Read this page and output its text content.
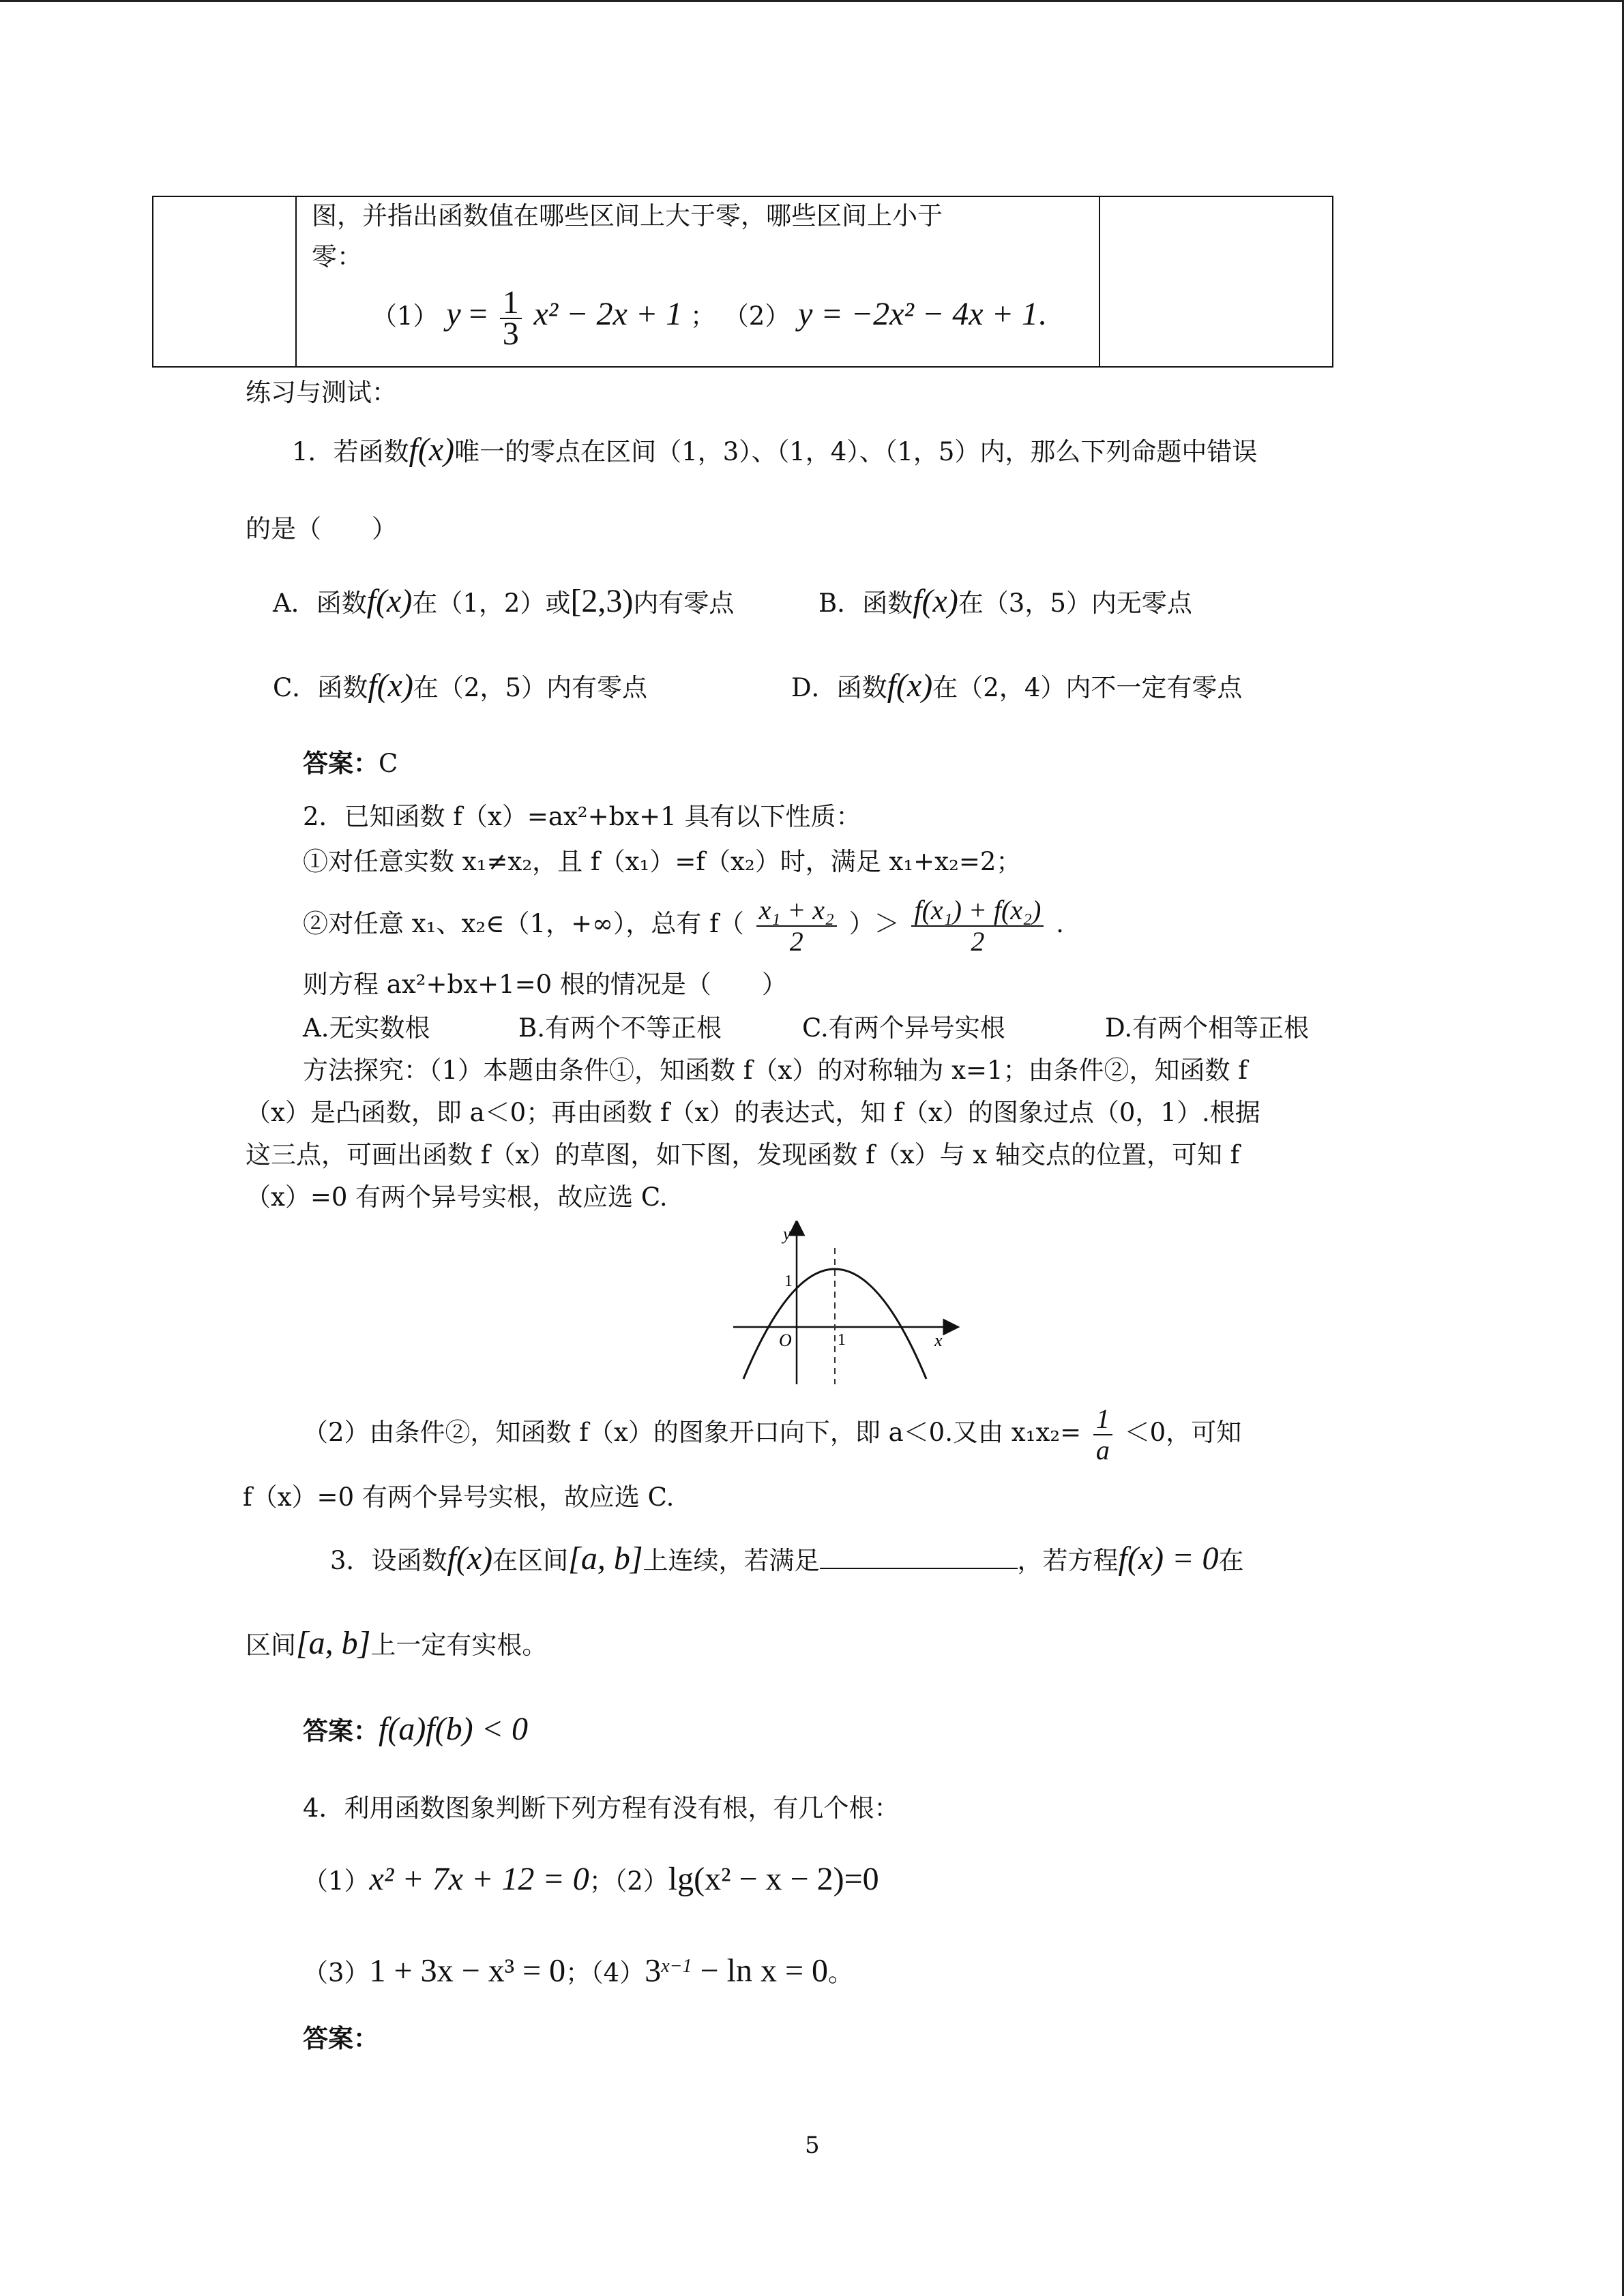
图，并指出函数值在哪些区间上大于零，哪些区间上小于
零：
（1） $y = \frac{1}{3} x^2 - 2x + 1$ ； （2） y = −2x² − 4x + 1.

练习与测试：
1．若函数f(x)唯一的零点在区间（1，3）、（1，4）、（1，5）内，那么下列命题中错误
的是（　　）
A．函数f(x)在（1，2）或[2,3)内有零点	B．函数f(x)在（3，5）内无零点
C．函数f(x)在（2，5）内有零点	D．函数f(x)在（2，4）内不一定有零点
答案：C
2．已知函数 f（x）=ax²+bx+1 具有以下性质：
①对任意实数 x₁≠x₂，且 f（x₁）=f（x₂）时，满足 x₁+x₂=2；
②对任意 x₁、x₂∈（1，+∞），总有 $f( \frac{\text{x₁ + x₂}}{2}$ ）＞ $\frac{\text{f(x₁) + f(x₂)}}{2}$ .
则方程 ax²+bx+1=0 根的情况是（　　）
A.无实数根	B.有两个不等正根	C.有两个异号实根	D.有两个相等正根
方法探究：（1）本题由条件①，知函数 f（x）的对称轴为 x=1；由条件②，知函数 f
（x）是凸函数，即 a＜0；再由函数 f（x）的表达式，知 f（x）的图象过点（0，1）.根据
这三点，可画出函数 f（x）的草图，如下图，发现函数 f（x）与 x 轴交点的位置，可知 f
（x）=0 有两个异号实根，故应选 C.
y
x
O
1
1
（2）由条件②，知函数 f（x）的图象开口向下，即 a＜0.又由 $x_1x_2= \frac{1}{a} <0$，可知
f（x）=0 有两个异号实根，故应选 C.
3．设函数f(x)在区间[a, b]上连续，若满足	，若方程f(x) = 0在
区间[a, b]上一定有实根。
答案：f(a)f(b) < 0
4．利用函数图象判断下列方程有没有根，有几个根：
（1）x² + 7x + 12 = 0；（2）lg(x² − x − 2)=0
（3）1 + 3x − x³ = 0；$(4)3^{x-1} - \ln x = 0$。
答案：
5
